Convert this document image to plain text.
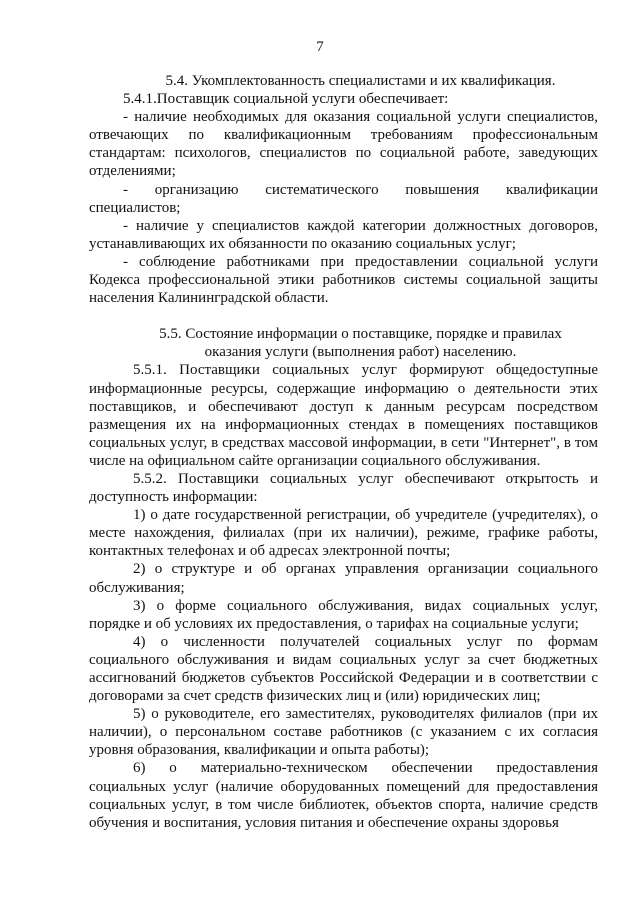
7

5.4. Укомплектованность специалистами и их квалификация.

5.4.1.Поставщик социальной услуги обеспечивает:

- наличие необходимых для оказания социальной услуги специалистов, отвечающих по квалификационным требованиям профессиональным стандартам: психологов, специалистов по социальной работе, заведующих отделениями;

- организацию систематического повышения квалификации специалистов;

- наличие у специалистов каждой категории должностных договоров, устанавливающих их обязанности по оказанию социальных услуг;

- соблюдение работниками при предоставлении социальной услуги Кодекса профессиональной этики работников системы социальной защиты населения Калининградской области.

5.5. Состояние информации о поставщике, порядке и правилах

оказания услуги (выполнения работ) населению.

5.5.1. Поставщики социальных услуг формируют общедоступные информационные ресурсы, содержащие информацию о деятельности этих поставщиков, и обеспечивают доступ к данным ресурсам посредством размещения их на информационных стендах в помещениях поставщиков социальных услуг, в средствах массовой информации, в сети "Интернет", в том числе на официальном сайте организации социального обслуживания.

5.5.2. Поставщики социальных услуг обеспечивают открытость и доступность информации:

1) о дате государственной регистрации, об учредителе (учредителях), о месте нахождения, филиалах (при их наличии), режиме, графике работы, контактных телефонах и об адресах электронной почты;

2) о структуре и об органах управления организации социального обслуживания;

3) о форме социального обслуживания, видах социальных услуг, порядке и об условиях их предоставления, о тарифах на социальные услуги;

4) о численности получателей социальных услуг по формам социального обслуживания и видам социальных услуг за счет бюджетных ассигнований бюджетов субъектов Российской Федерации и в соответствии с договорами за счет средств физических лиц и (или) юридических лиц;

5) о руководителе, его заместителях, руководителях филиалов (при их наличии), о персональном составе работников (с указанием с их согласия уровня образования, квалификации и опыта работы);

6) о материально-техническом обеспечении предоставления социальных услуг (наличие оборудованных помещений для предоставления социальных услуг, в том числе библиотек, объектов спорта, наличие средств обучения и воспитания, условия питания и обеспечение охраны здоровья
